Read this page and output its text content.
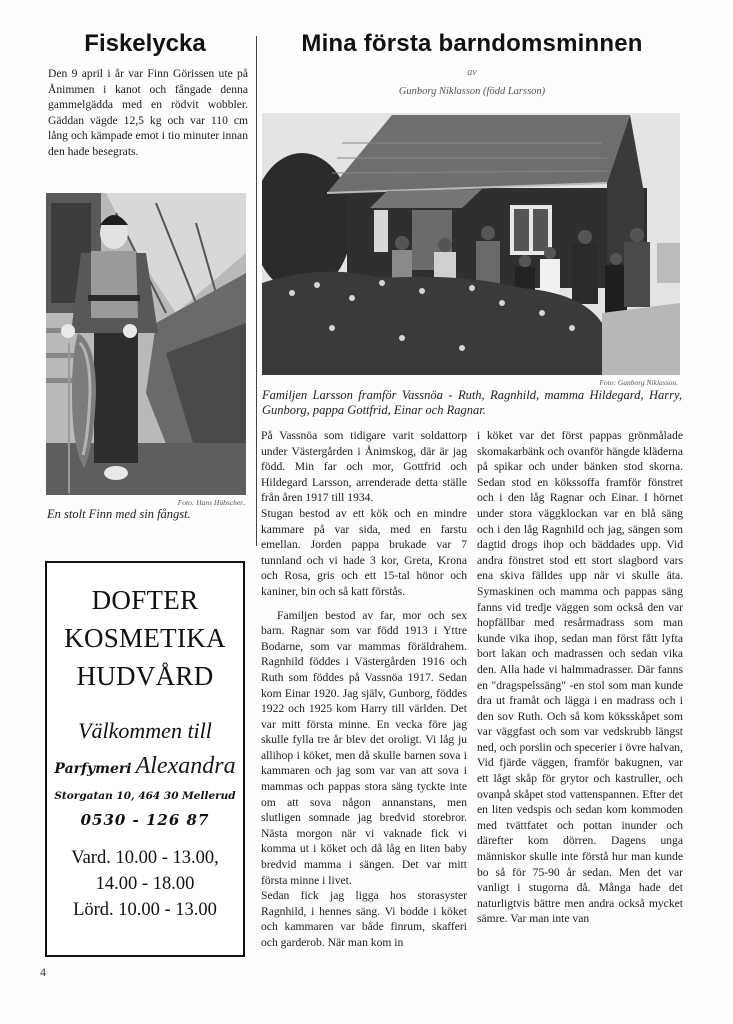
Fiskelycka
Den 9 april i år var Finn Görissen ute på Ånimmen i kanot och fångade denna gammelgädda med en rödvit wobbler. Gäddan vägde 12,5 kg och var 110 cm lång och kämpade emot i tio minuter innan den hade besegrats.
Foto: Hans Hübscher..
En stolt Finn med sin fångst.
DOFTER
KOSMETIKA
HUDVÅRD
Välkommen till
Parfymeri Alexandra
Storgatan 10, 464 30 Mellerud
0530 - 126 87
Vard. 10.00 - 13.00,
14.00 - 18.00
Lörd. 10.00 - 13.00
Mina första barndomsminnen
av
Gunborg Niklasson (född Larsson)
Foto: Gunborg Niklasson.
Familjen Larsson framför Vassnöa - Ruth, Ragnhild, mamma Hildegard, Harry, Gunborg, pappa Gottfrid, Einar och Ragnar.

På Vassnöa som tidigare varit soldattorp under Västergården i Ånimskog, där är jag född. Min far och mor, Gottfrid och Hildegard Larsson, arrenderade detta ställe från åren 1917 till 1934.

Stugan bestod av ett kök och en mindre kammare på var sida, med en farstu emellan. Jorden pappa brukade var 7 tunnland och vi hade 3 kor, Greta, Krona och Rosa, gris och ett 15-tal hönor och kaniner, bin och så katt förstås.

Familjen bestod av far, mor och sex barn. Ragnar som var född 1913 i Yttre Bodarne, som var mammas föräldrahem. Ragnhild föddes i Västergården 1916 och Ruth som föddes på Vassnöa 1917. Sedan kom Einar 1920. Jag själv, Gunborg, föddes 1922 och 1925 kom Harry till världen. Det var mitt första minne. En vecka före jag skulle fylla tre år blev det oroligt. Vi låg ju allihop i köket, men då skulle barnen sova i kammaren och jag som var van att sova i mammas och pappas stora säng tyckte inte om att sova någon annanstans, men slutligen somnade jag bredvid storebror. Nästa morgon när vi vaknade fick vi komma ut i köket och då låg en liten baby bredvid mamma i sängen. Det var mitt första minne i livet.

Sedan fick jag ligga hos storasyster Ragnhild, i hennes säng. Vi bodde i köket och kammaren var både finrum, skafferi och garderob. När man kom in

i köket var det först pappas grönmålade skomakarbänk och ovanför hängde kläderna på spikar och under bänken stod skorna. Sedan stod en kökssoffa framför fönstret och i den låg Ragnar och Einar. I hörnet under stora väggklockan var en blå säng och i den låg Ragnhild och jag, sängen som dagtid drogs ihop och bäddades upp. Vid andra fönstret stod ett stort slagbord vars ena skiva fälldes upp när vi skulle äta. Symaskinen och mamma och pappas säng fanns vid tredje väggen som också den var hopfällbar med resårmadrass som man kunde vika ihop, sedan man först fått lyfta bort lakan och madrassen och sedan vika den. Alla hade vi halmmadrasser. Där fanns en "dragspelssäng" -en stol som man kunde dra ut framåt och lägga i en madrass och i den sov Ruth. Och så kom köksskåpet som var väggfast och som var vedskrubb längst ned, och porslin och specerier i övre halvan, Vid fjärde väggen, framför bakugnen, var ett lågt skåp för grytor och kastruller, och ovanpå skåpet stod vattenspannen. Efter det en liten vedspis och sedan kom kommoden med tvättfatet och pottan inunder och därefter kom dörren. Dagens unga människor skulle inte förstå hur man kunde bo så för 75-90 år sedan. Men det var vanligt i stugorna då. Många hade det naturligtvis bättre men andra också mycket sämre. Var man inte van

4
